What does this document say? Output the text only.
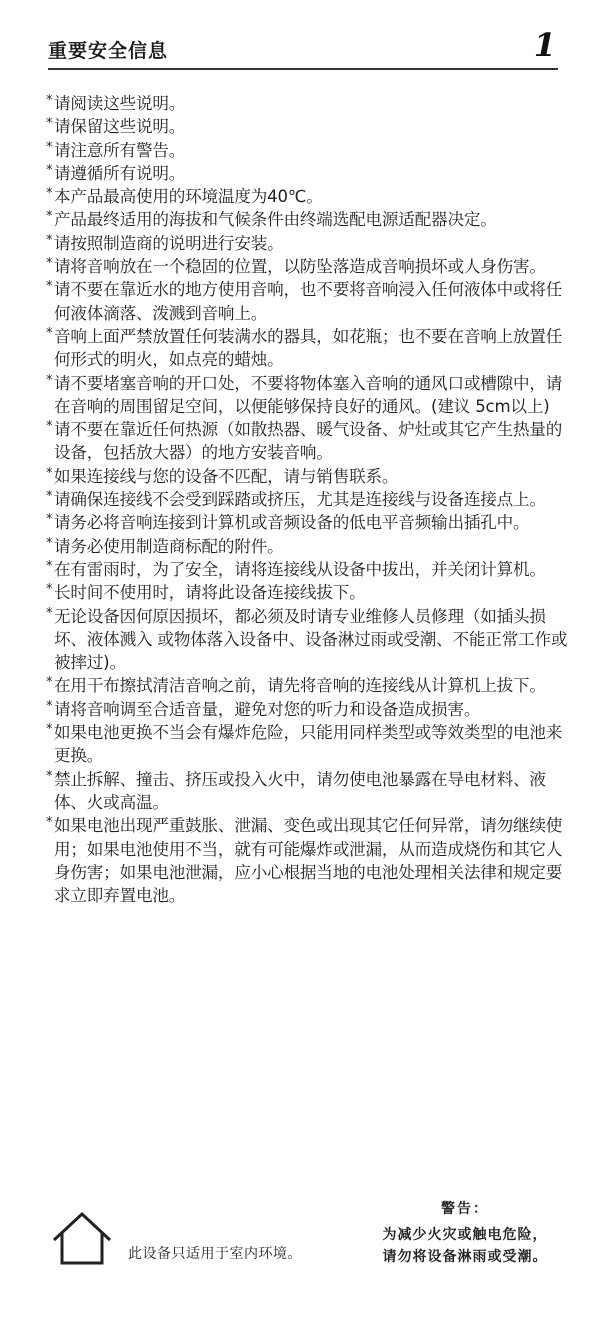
重要安全信息	1
* 请阅读这些说明。
* 请保留这些说明。
* 请注意所有警告。
* 请遵循所有说明。
* 本产品最高使用的环境温度为40℃。
* 产品最终适用的海拔和气候条件由终端选配电源适配器决定。
* 请按照制造商的说明进行安装。
* 请将音响放在一个稳固的位置，以防坠落造成音响损坏或人身伤害。
* 请不要在靠近水的地方使用音响，也不要将音响浸入任何液体中或将任何液体滴落、泼溅到音响上。
* 音响上面严禁放置任何装满水的器具，如花瓶；也不要在音响上放置任何形式的明火，如点亮的蜡烛。
* 请不要堵塞音响的开口处，不要将物体塞入音响的通风口或槽隙中，请在音响的周围留足空间，以便能够保持良好的通风。(建议 5cm以上)
* 请不要在靠近任何热源（如散热器、暖气设备、炉灶或其它产生热量的设备，包括放大器）的地方安装音响。
* 如果连接线与您的设备不匹配，请与销售联系。
* 请确保连接线不会受到踩踏或挤压，尤其是连接线与设备连接点上。
* 请务必将音响连接到计算机或音频设备的低电平音频输出插孔中。
* 请务必使用制造商标配的附件。
* 在有雷雨时，为了安全，请将连接线从设备中拔出，并关闭计算机。
* 长时间不使用时，请将此设备连接线拔下。
* 无论设备因何原因损坏，都必须及时请专业维修人员修理（如插头损坏、液体溅入 或物体落入设备中、设备淋过雨或受潮、不能正常工作或被摔过)。
* 在用干布擦拭清洁音响之前，请先将音响的连接线从计算机上拔下。
* 请将音响调至合适音量，避免对您的听力和设备造成损害。
* 如果电池更换不当会有爆炸危险，只能用同样类型或等效类型的电池来更换。
* 禁止拆解、撞击、挤压或投入火中，请勿使电池暴露在导电材料、液体、火或高温。
* 如果电池出现严重鼓胀、泄漏、变色或出现其它任何异常，请勿继续使用；如果电池使用不当，就有可能爆炸或泄漏，从而造成烧伤和其它人身伤害；如果电池泄漏，应小心根据当地的电池处理相关法律和规定要求立即弃置电池。
此设备只适用于室内环境。
警告：
为减少火灾或触电危险，
请勿将设备淋雨或受潮。
